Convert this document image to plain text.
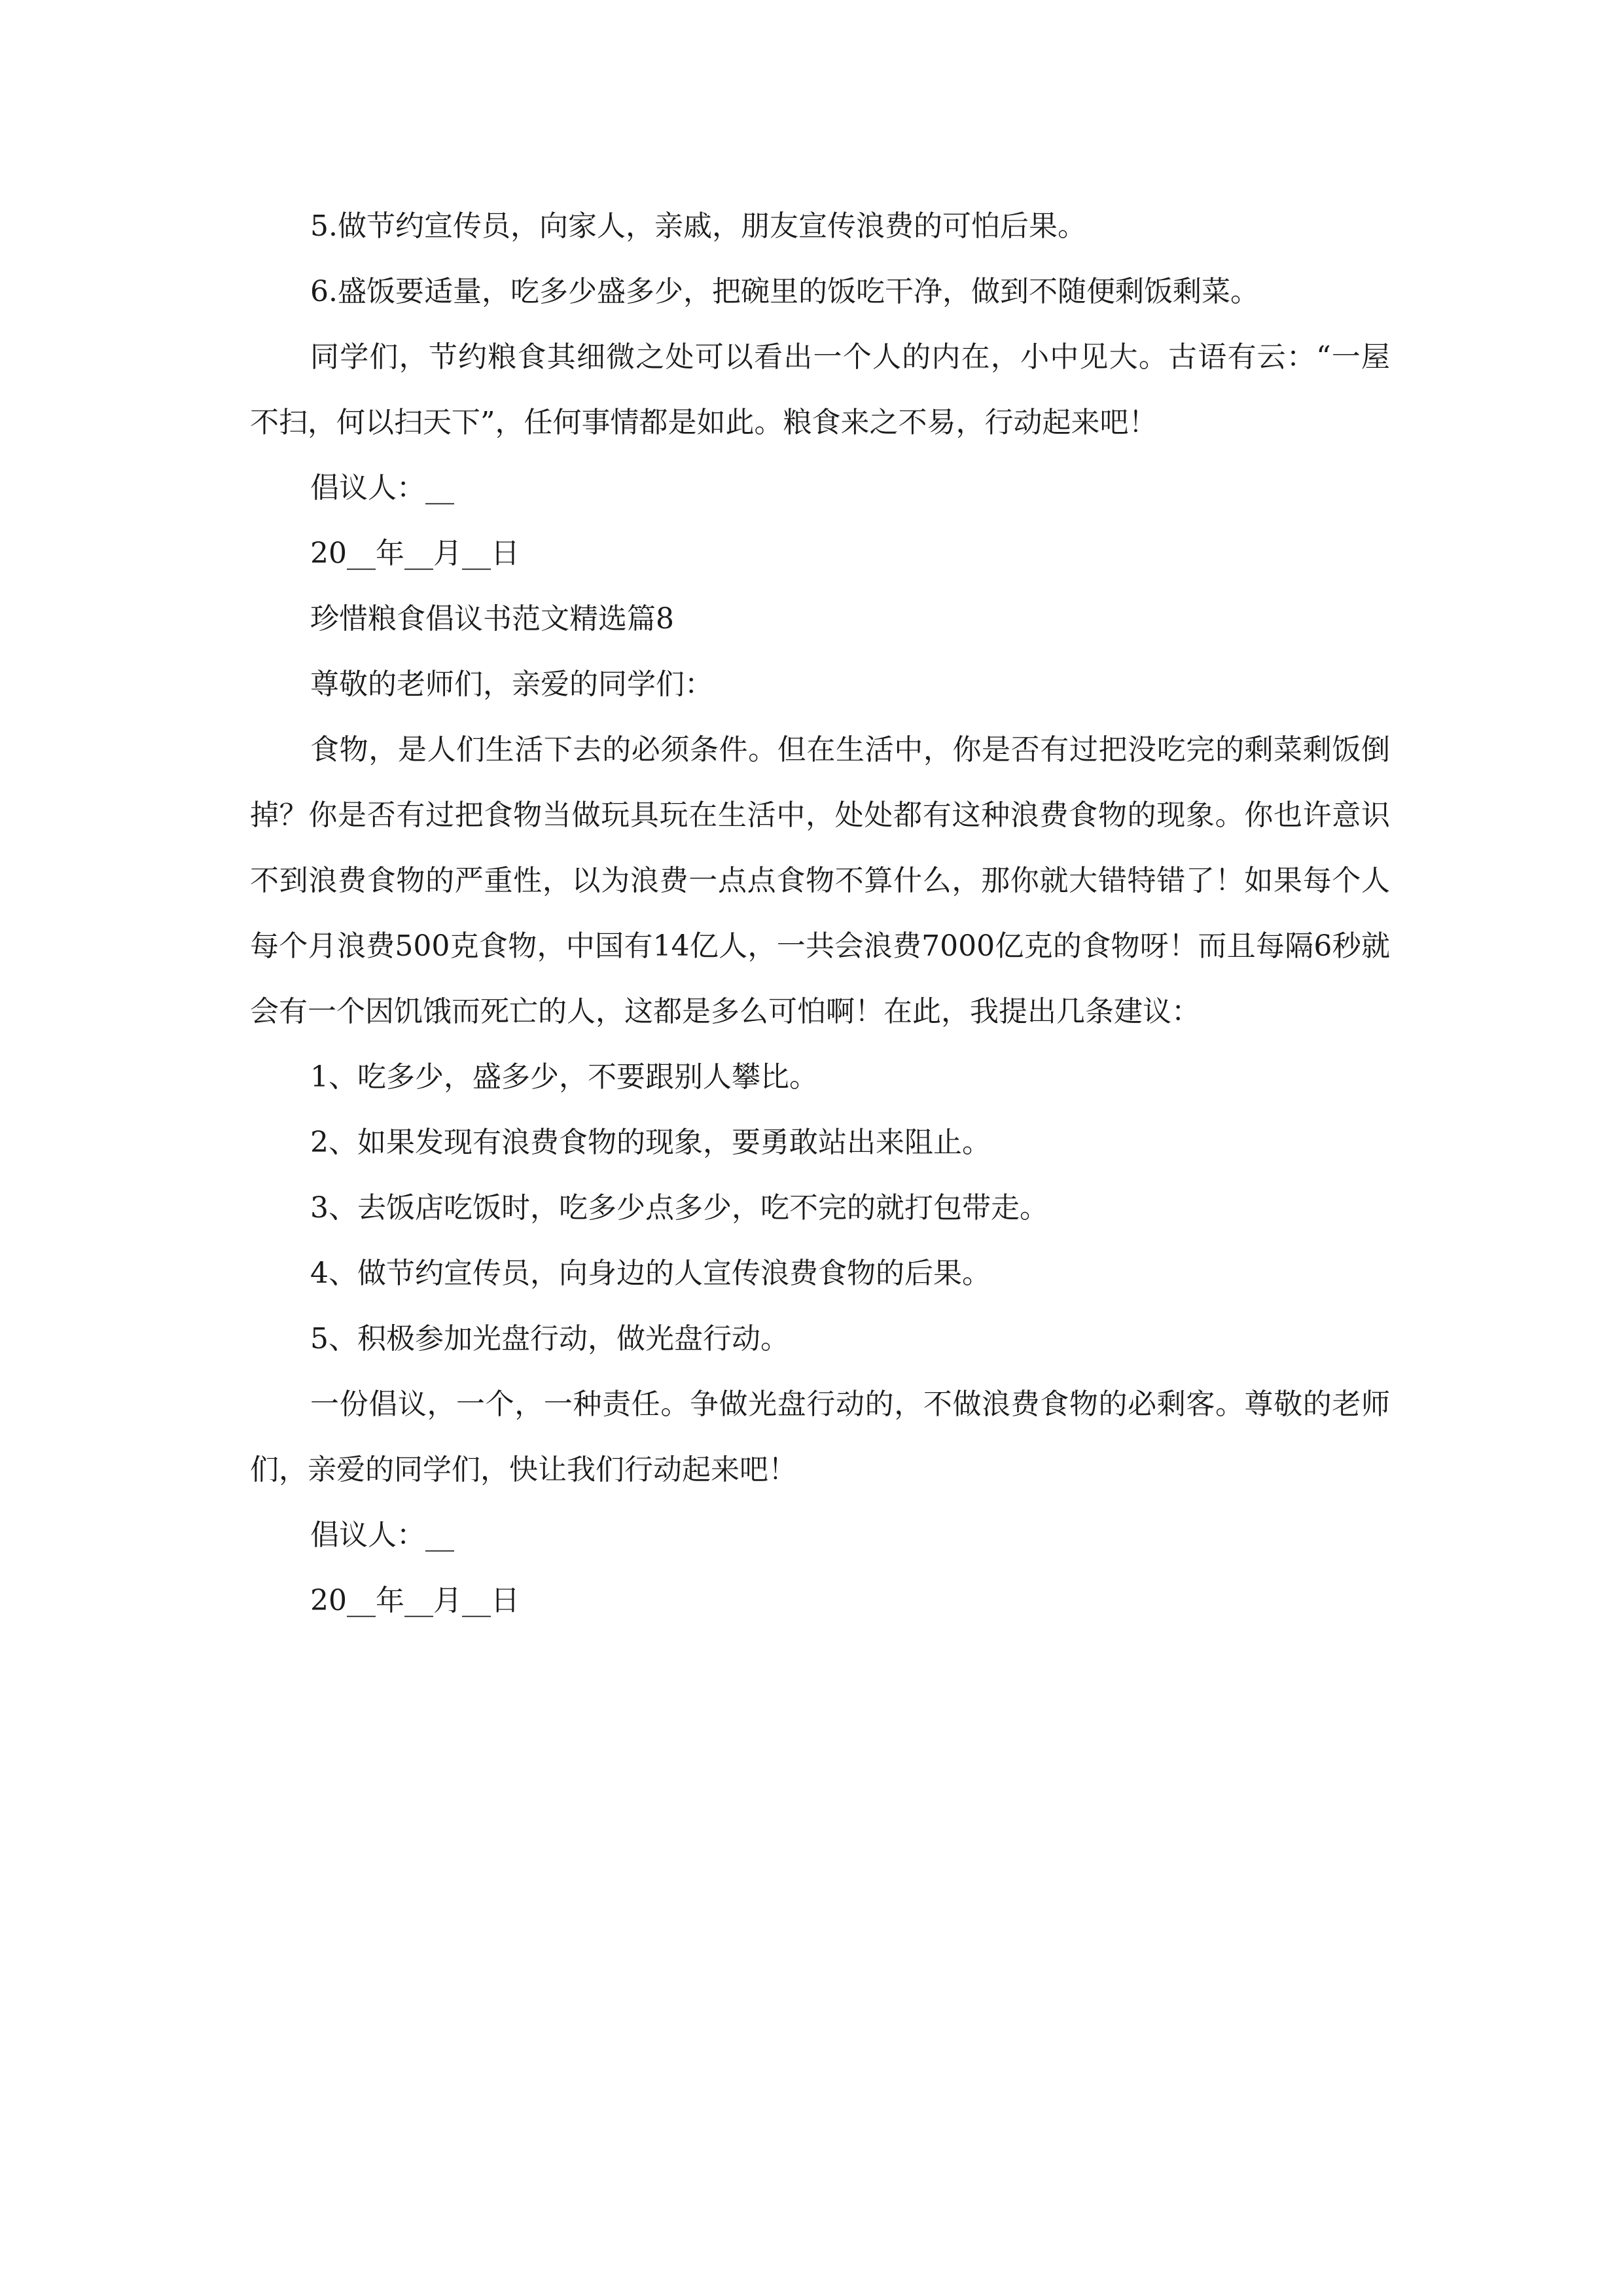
5.做节约宣传员，向家人，亲戚，朋友宣传浪费的可怕后果。

6.盛饭要适量，吃多少盛多少，把碗里的饭吃干净，做到不随便剩饭剩菜。

同学们，节约粮食其细微之处可以看出一个人的内在，小中见大。古语有云：“一屋不扫，何以扫天下”，任何事情都是如此。粮食来之不易，行动起来吧！

倡议人：__

20__年__月__日

珍惜粮食倡议书范文精选篇8

尊敬的老师们，亲爱的同学们：

食物，是人们生活下去的必须条件。但在生活中，你是否有过把没吃完的剩菜剩饭倒掉？你是否有过把食物当做玩具玩在生活中，处处都有这种浪费食物的现象。你也许意识不到浪费食物的严重性，以为浪费一点点食物不算什么，那你就大错特错了！如果每个人每个月浪费500克食物，中国有14亿人，一共会浪费7000亿克的食物呀！而且每隔6秒就会有一个因饥饿而死亡的人，这都是多么可怕啊！在此，我提出几条建议：

1、吃多少，盛多少，不要跟别人攀比。

2、如果发现有浪费食物的现象，要勇敢站出来阻止。

3、去饭店吃饭时，吃多少点多少，吃不完的就打包带走。

4、做节约宣传员，向身边的人宣传浪费食物的后果。

5、积极参加光盘行动，做光盘行动。

一份倡议，一个，一种责任。争做光盘行动的，不做浪费食物的必剩客。尊敬的老师们，亲爱的同学们，快让我们行动起来吧！

倡议人：__

20__年__月__日
